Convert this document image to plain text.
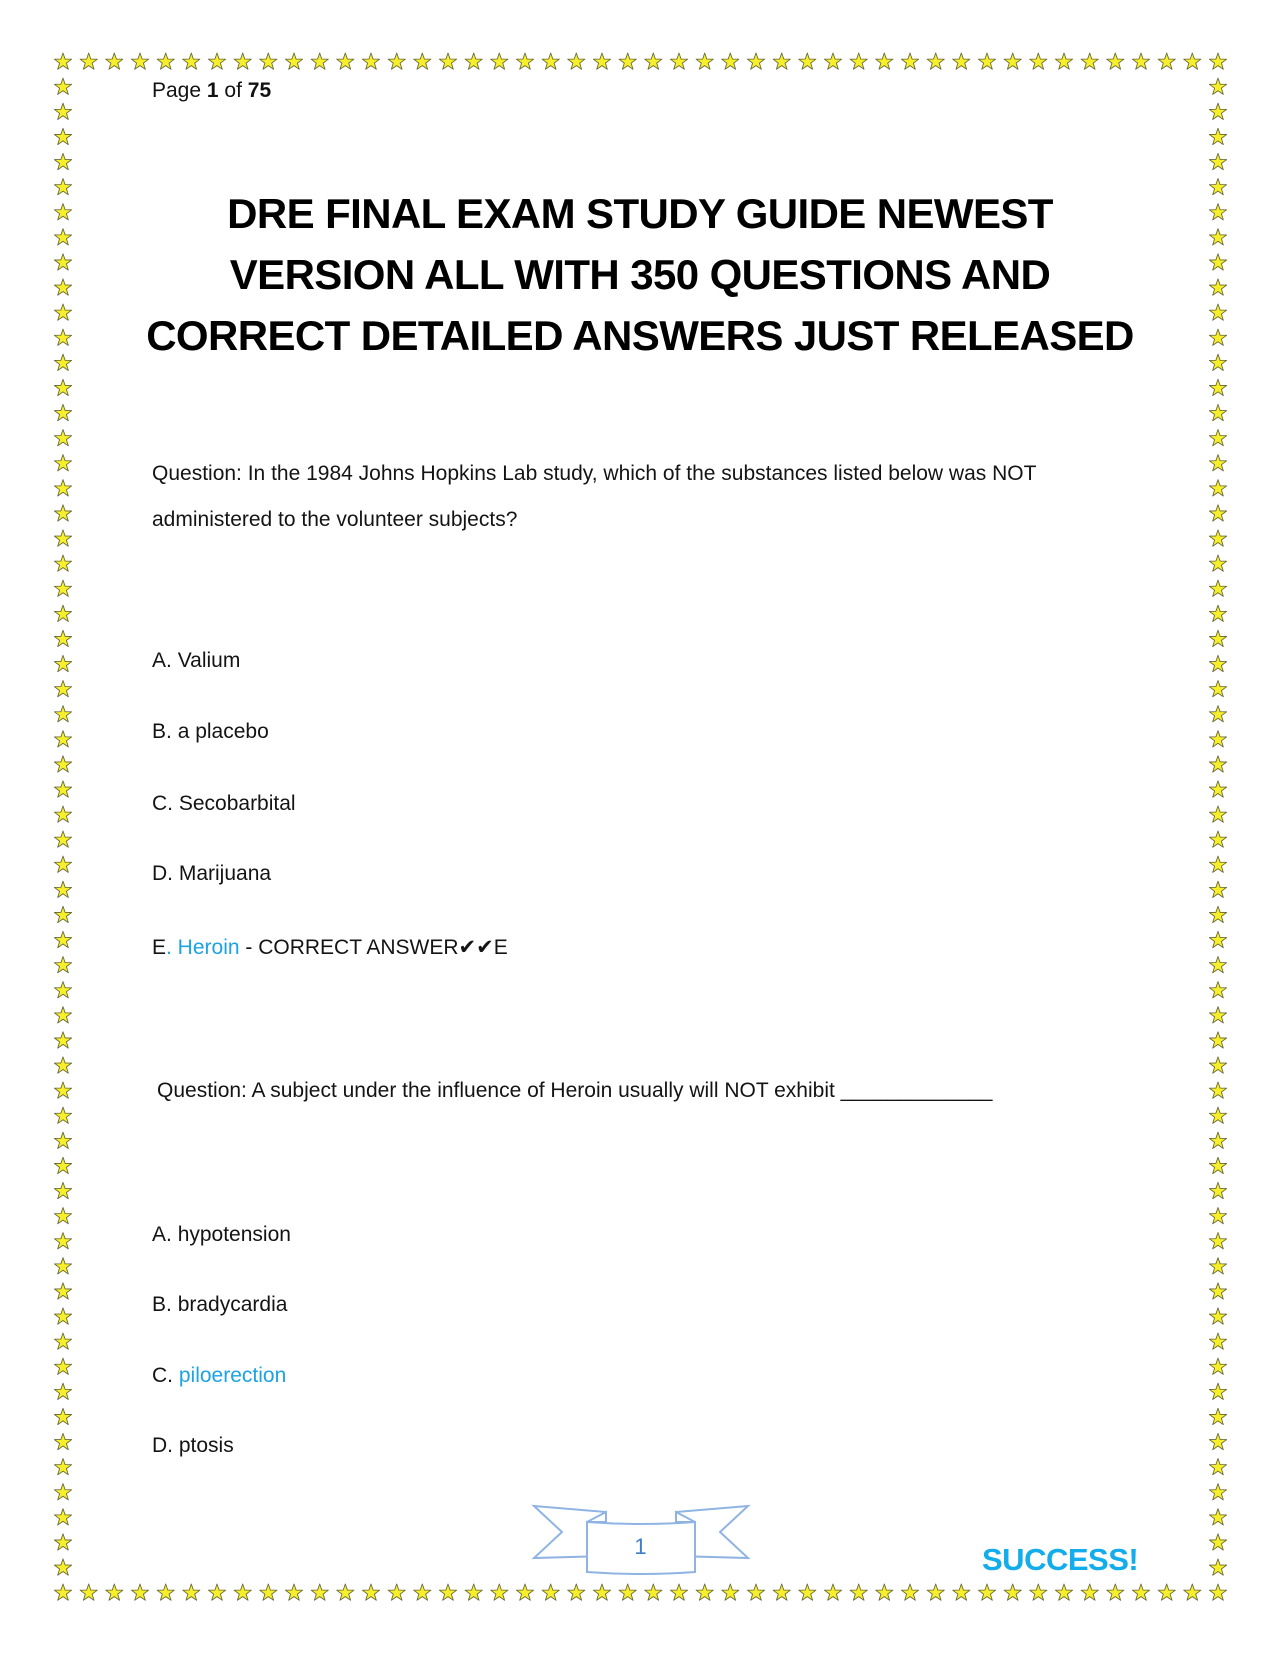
Page 1 of 75
DRE FINAL EXAM STUDY GUIDE NEWEST
VERSION ALL WITH 350 QUESTIONS AND
CORRECT DETAILED ANSWERS JUST RELEASED
Question: In the 1984 Johns Hopkins Lab study, which of the substances listed below was NOT
administered to the volunteer subjects?
A. Valium
B. a placebo
C. Secobarbital
D. Marijuana
E. Heroin - CORRECT ANSWER✔✔E
Question: A subject under the influence of Heroin usually will NOT exhibit _____________
A. hypotension
B. bradycardia
C. piloerection
D. ptosis
1	SUCCESS!
